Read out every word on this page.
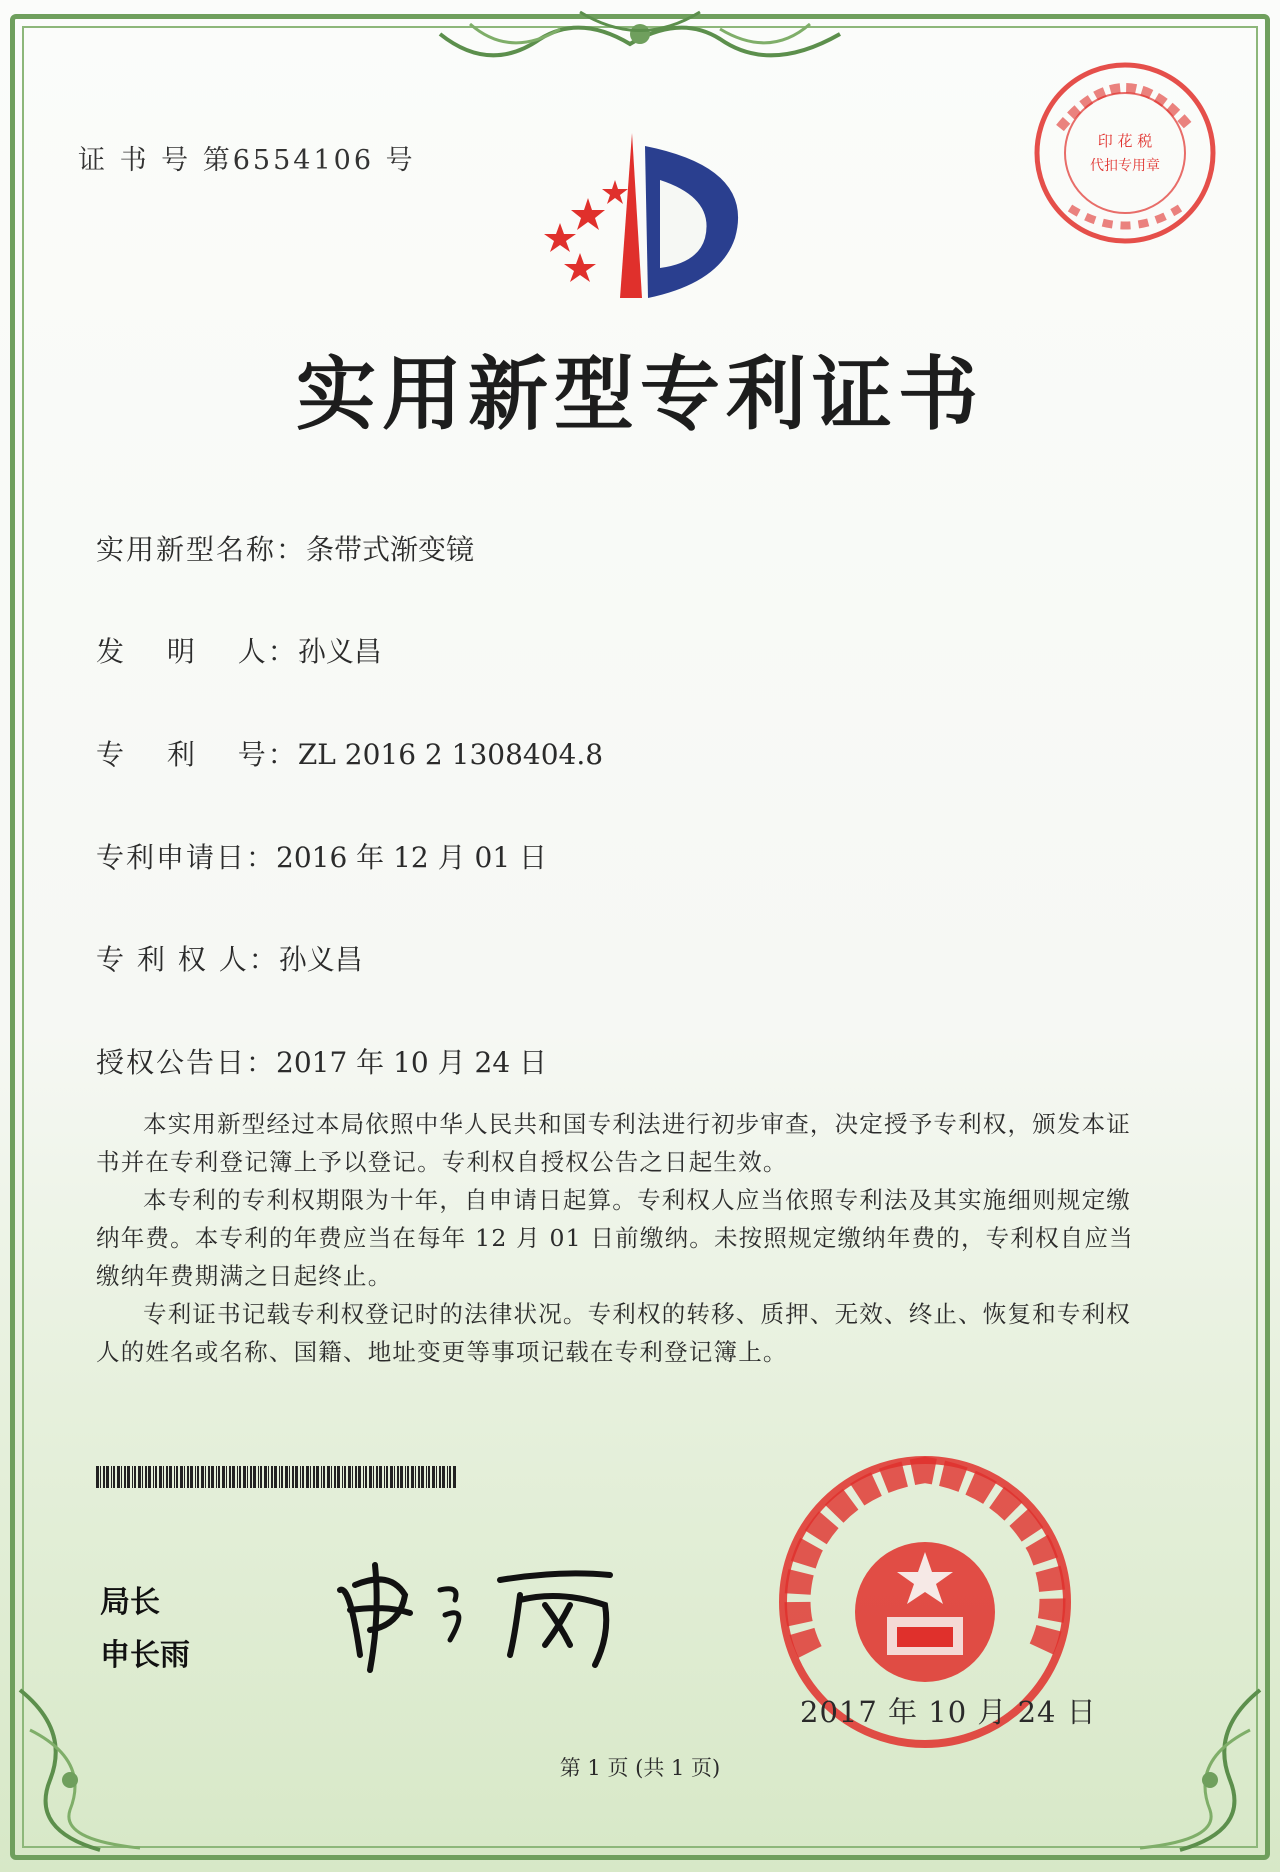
证 书 号 第6554106 号
实用新型专利证书
实用新型名称：条带式渐变镜
发　 明　 人：孙义昌
专　 利　 号：ZL 2016 2 1308404.8
专利申请日：2016 年 12 月 01 日
专 利 权 人：孙义昌
授权公告日：2017 年 10 月 24 日

本实用新型经过本局依照中华人民共和国专利法进行初步审查，决定授予专利权，颁发本证书并在专利登记簿上予以登记。专利权自授权公告之日起生效。

本专利的专利权期限为十年，自申请日起算。专利权人应当依照专利法及其实施细则规定缴纳年费。本专利的年费应当在每年 12 月 01 日前缴纳。未按照规定缴纳年费的，专利权自应当缴纳年费期满之日起终止。

专利证书记载专利权登记时的法律状况。专利权的转移、质押、无效、终止、恢复和专利权人的姓名或名称、国籍、地址变更等事项记载在专利登记簿上。

局长
申长雨
印 花 税
代扣专用章
2017 年 10 月 24 日
第 1 页 (共 1 页)
